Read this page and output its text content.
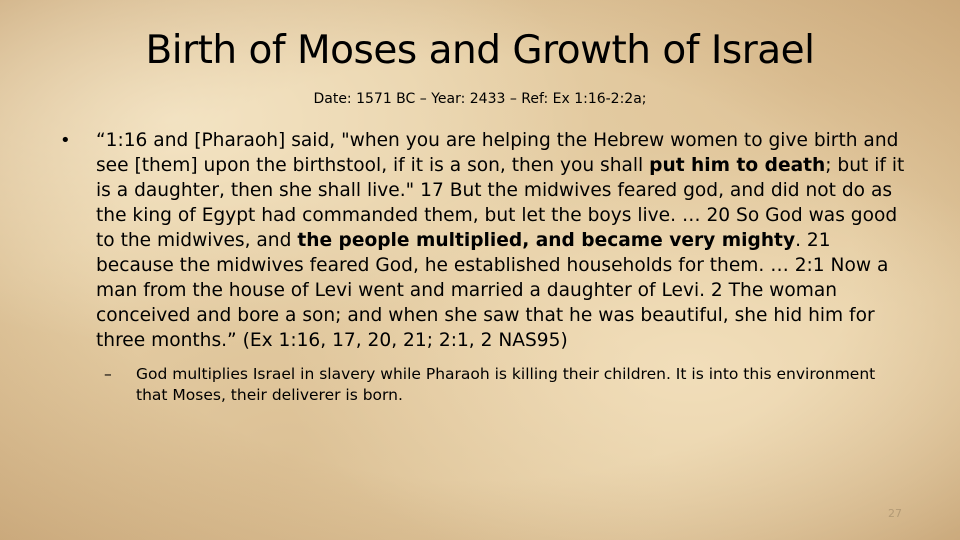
Birth of Moses and Growth of Israel
Date: 1571 BC – Year: 2433 – Ref: Ex 1:16-2:2a;
• “1:16 and [Pharaoh] said, "when you are helping the Hebrew women to give birth and see [them] upon the birthstool, if it is a son, then you shall put him to death; but if it is a daughter, then she shall live." 17 But the midwives feared god, and did not do as the king of Egypt had commanded them, but let the boys live. … 20 So God was good to the midwives, and the people multiplied, and became very mighty. 21 because the midwives feared God, he established households for them. … 2:1 Now a man from the house of Levi went and married a daughter of Levi. 2 The woman conceived and bore a son; and when she saw that he was beautiful, she hid him for three months.” (Ex 1:16, 17, 20, 21; 2:1, 2 NAS95)

– God multiplies Israel in slavery while Pharaoh is killing their children. It is into this environment that Moses, their deliverer is born.

27
